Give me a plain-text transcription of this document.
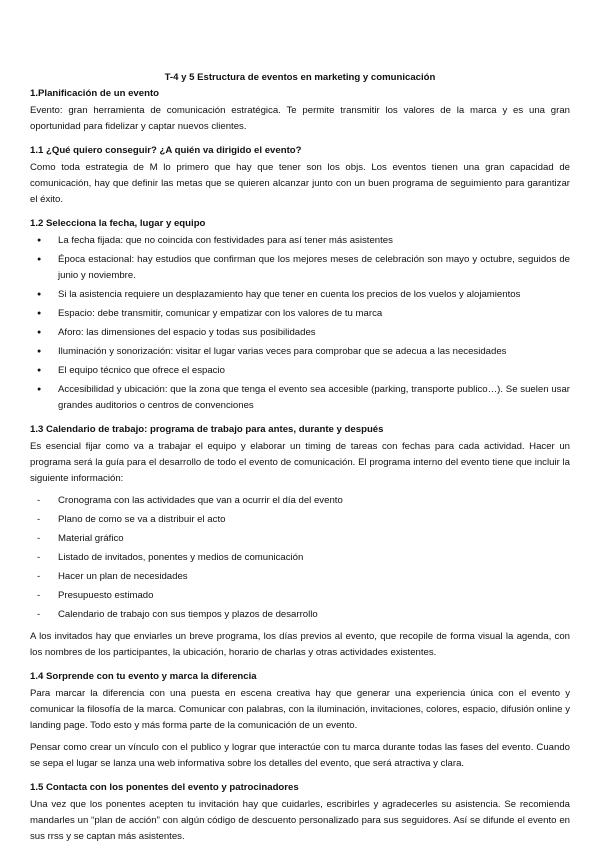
T-4 y 5 Estructura de eventos en marketing y comunicación
1.Planificación de un evento

Evento: gran herramienta de comunicación estratégica. Te permite transmitir los valores de la marca y es una gran oportunidad para fidelizar y captar nuevos clientes.

1.1 ¿Qué quiero conseguir? ¿A quién va dirigido el evento?

Como toda estrategia de M lo primero que hay que tener son los objs. Los eventos tienen una gran capacidad de comunicación, hay que definir las metas que se quieren alcanzar junto con un buen programa de seguimiento para garantizar el éxito.

1.2 Selecciona la fecha, lugar y equipo
● La fecha fijada: que no coincida con festividades para así tener más asistentes
● Época estacional: hay estudios que confirman que los mejores meses de celebración son mayo y octubre, seguidos de junio y noviembre.
● Si la asistencia requiere un desplazamiento hay que tener en cuenta los precios de los vuelos y alojamientos
● Espacio: debe transmitir, comunicar y empatizar con los valores de tu marca
● Aforo: las dimensiones del espacio y todas sus posibilidades
● Iluminación y sonorización: visitar el lugar varias veces para comprobar que se adecua a las necesidades
● El equipo técnico que ofrece el espacio
● Accesibilidad y ubicación: que la zona que tenga el evento sea accesible (parking, transporte publico…). Se suelen usar grandes auditorios o centros de convenciones
1.3 Calendario de trabajo: programa de trabajo para antes, durante y después

Es esencial fijar como va a trabajar el equipo y elaborar un timing de tareas con fechas para cada actividad. Hacer un programa será la guía para el desarrollo de todo el evento de comunicación. El programa interno del evento tiene que incluir la siguiente información:

- Cronograma con las actividades que van a ocurrir el día del evento
- Plano de como se va a distribuir el acto
- Material gráfico
- Listado de invitados, ponentes y medios de comunicación
- Hacer un plan de necesidades
- Presupuesto estimado
- Calendario de trabajo con sus tiempos y plazos de desarrollo

A los invitados hay que enviarles un breve programa, los días previos al evento, que recopile de forma visual la agenda, con los nombres de los participantes, la ubicación, horario de charlas y otras actividades existentes.

1.4 Sorprende con tu evento y marca la diferencia

Para marcar la diferencia con una puesta en escena creativa hay que generar una experiencia única con el evento y comunicar la filosofía de la marca. Comunicar con palabras, con la iluminación, invitaciones, colores, espacio, difusión online y landing page. Todo esto y más forma parte de la comunicación de un evento.

Pensar como crear un vínculo con el publico y lograr que interactúe con tu marca durante todas las fases del evento. Cuando se sepa el lugar se lanza una web informativa sobre los detalles del evento, que será atractiva y clara.

1.5 Contacta con los ponentes del evento y patrocinadores

Una vez que los ponentes acepten tu invitación hay que cuidarles, escribirles y agradecerles su asistencia. Se recomienda mandarles un “plan de acción” con algún código de descuento personalizado para sus seguidores. Así se difunde el evento en sus rrss y se captan más asistentes.
